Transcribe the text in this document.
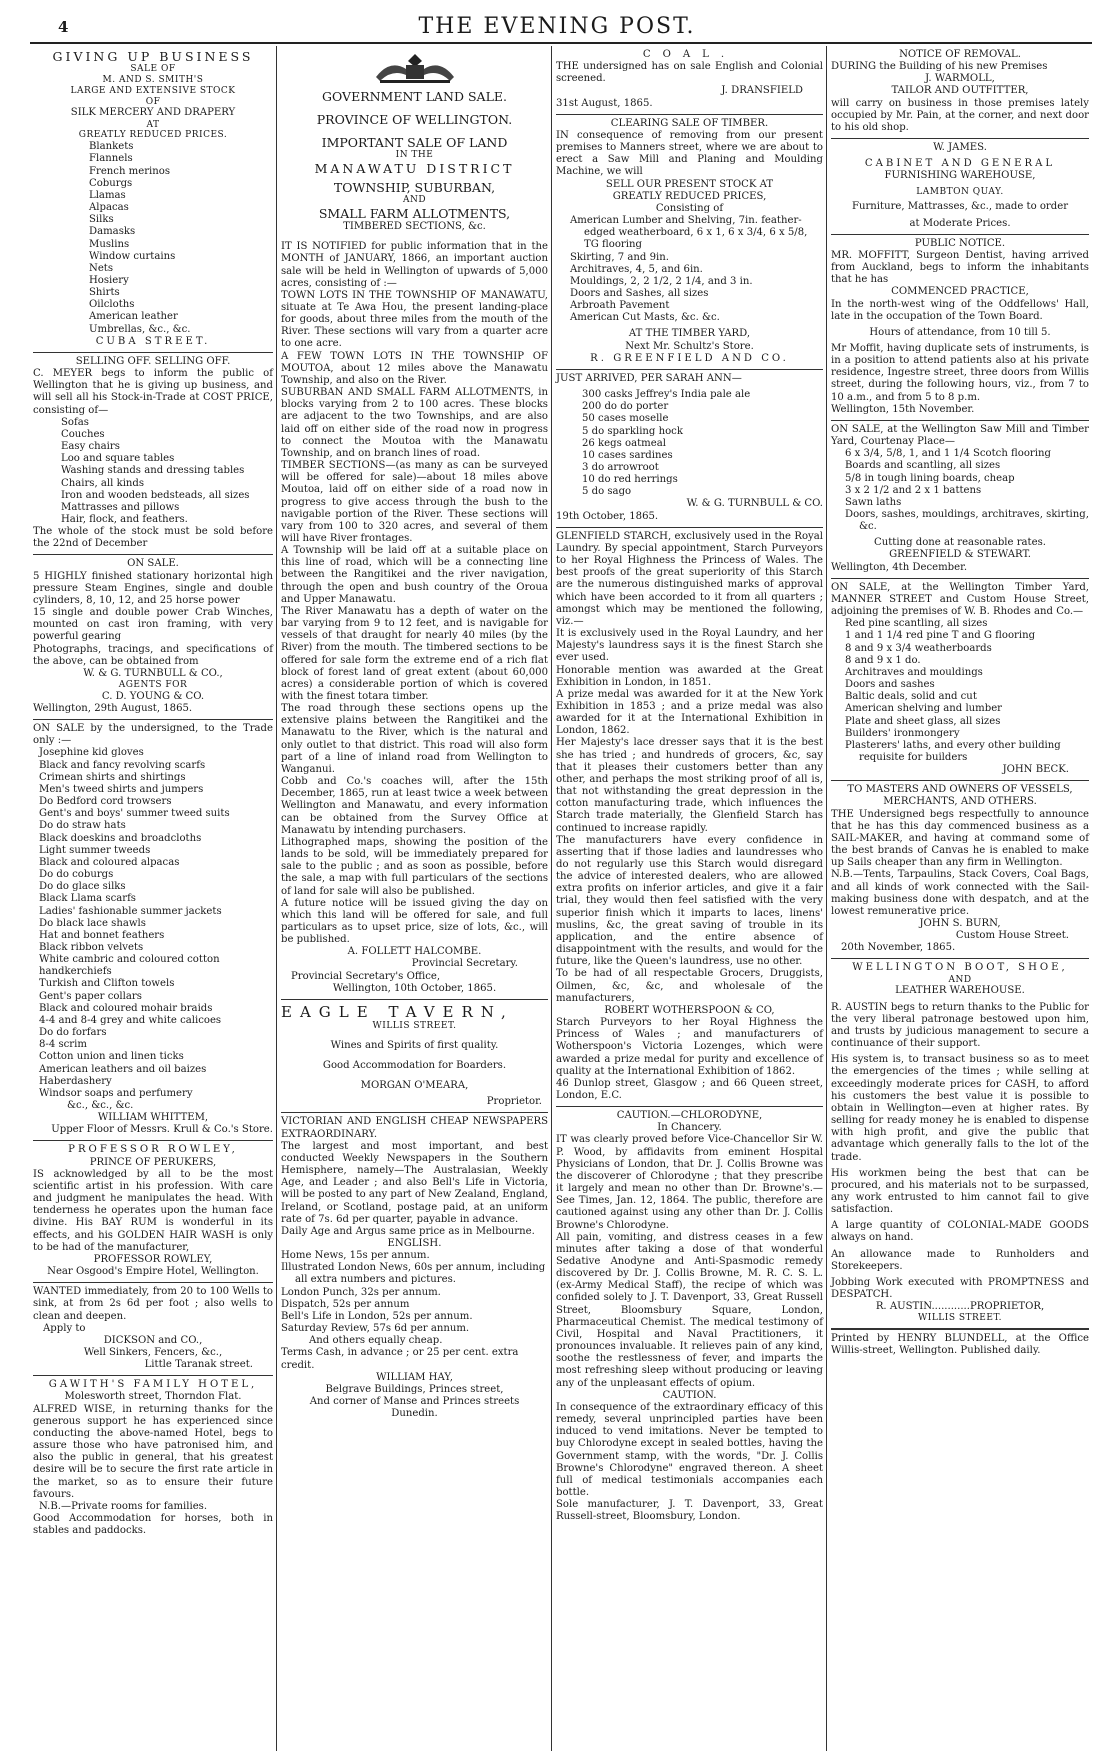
4	THE EVENING POST.

GIVING UP BUSINESS

SALE OF

M. AND S. SMITH'S

LARGE AND EXTENSIVE STOCK

OF

SILK MERCERY AND DRAPERY

AT

GREATLY REDUCED PRICES.

Blankets

Flannels

French merinos

Coburgs

Llamas

Alpacas

Silks

Damasks

Muslins

Window curtains

Nets

Hosiery

Shirts

Oilcloths

American leather

Umbrellas, &c., &c.

CUBA STREET.

SELLING OFF. SELLING OFF.

C. MEYER begs to inform the public of Wellington that he is giving up business, and will sell all his Stock-in-Trade at COST PRICE, consisting of—

Sofas

Couches

Easy chairs

Loo and square tables

Washing stands and dressing tables

Chairs, all kinds

Iron and wooden bedsteads, all sizes

Mattrasses and pillows

Hair, flock, and feathers.

The whole of the stock must be sold before the 22nd of December

ON SALE.

5 HIGHLY finished stationary horizontal high pressure Steam Engines, single and double cylinders, 8, 10, 12, and 25 horse power

15 single and double power Crab Winches, mounted on cast iron framing, with very powerful gearing

Photographs, tracings, and specifications of the above, can be obtained from

W. & G. TURNBULL & CO.,

AGENTS FOR

C. D. YOUNG & CO.

Wellington, 29th August, 1865.

ON SALE by the undersigned, to the Trade only :—

Josephine kid gloves

Black and fancy revolving scarfs

Crimean shirts and shirtings

Men's tweed shirts and jumpers

Do Bedford cord trowsers

Gent's and boys' summer tweed suits

Do do straw hats

Black doeskins and broadcloths

Light summer tweeds

Black and coloured alpacas

Do do coburgs

Do do glace silks

Black Llama scarfs

Ladies' fashionable summer jackets

Do black lace shawls

Hat and bonnet feathers

Black ribbon velvets

White cambric and coloured cotton handkerchiefs

Turkish and Clifton towels

Gent's paper collars

Black and coloured mohair braids

4-4 and 8-4 grey and white calicoes

Do do forfars

8-4 scrim

Cotton union and linen ticks

American leathers and oil baizes

Haberdashery

Windsor soaps and perfumery

&c., &c., &c.

WILLIAM WHITTEM,

Upper Floor of Messrs. Krull & Co.'s Store.

PROFESSOR ROWLEY,

PRINCE OF PERUKERS,

IS acknowledged by all to be the most scientific artist in his profession. With care and judgment he manipulates the head. With tenderness he operates upon the human face divine. His BAY RUM is wonderful in its effects, and his GOLDEN HAIR WASH is only to be had of the manufacturer,

PROFESSOR ROWLEY,

Near Osgood's Empire Hotel, Wellington.

WANTED immediately, from 20 to 100 Wells to sink, at from 2s 6d per foot ; also wells to clean and deepen.

Apply to

DICKSON and CO.,

Well Sinkers, Fencers, &c.,

Little Taranak street.

GAWITH'S FAMILY HOTEL,

Molesworth street, Thorndon Flat.

ALFRED WISE, in returning thanks for the generous support he has experienced since conducting the above-named Hotel, begs to assure those who have patronised him, and also the public in general, that his greatest desire will be to secure the first rate article in the market, so as to ensure their future favours.

N.B.—Private rooms for families.

Good Accommodation for horses, both in stables and paddocks.

GOVERNMENT LAND SALE.

PROVINCE OF WELLINGTON.

IMPORTANT SALE OF LAND

IN THE

MANAWATU DISTRICT

TOWNSHIP, SUBURBAN,

AND

SMALL FARM ALLOTMENTS,

TIMBERED SECTIONS, &c.

IT IS NOTIFIED for public information that in the MONTH of JANUARY, 1866, an important auction sale will be held in Wellington of upwards of 5,000 acres, consisting of :—

TOWN LOTS IN THE TOWNSHIP OF MANAWATU, situate at Te Awa Hou, the present landing-place for goods, about three miles from the mouth of the River. These sections will vary from a quarter acre to one acre.

A FEW TOWN LOTS IN THE TOWNSHIP OF MOUTOA, about 12 miles above the Manawatu Township, and also on the River.

SUBURBAN AND SMALL FARM ALLOTMENTS, in blocks varying from 2 to 100 acres. These blocks are adjacent to the two Townships, and are also laid off on either side of the road now in progress to connect the Moutoa with the Manawatu Township, and on branch lines of road.

TIMBER SECTIONS—(as many as can be surveyed will be offered for sale)—about 18 miles above Moutoa, laid off on either side of a road now in progress to give access through the bush to the navigable portion of the River. These sections will vary from 100 to 320 acres, and several of them will have River frontages.

A Township will be laid off at a suitable place on this line of road, which will be a connecting line between the Rangitikei and the river navigation, through the open and bush country of the Oroua and Upper Manawatu.

The River Manawatu has a depth of water on the bar varying from 9 to 12 feet, and is navigable for vessels of that draught for nearly 40 miles (by the River) from the mouth. The timbered sections to be offered for sale form the extreme end of a rich flat block of forest land of great extent (about 60,000 acres) a considerable portion of which is covered with the finest totara timber.

The road through these sections opens up the extensive plains between the Rangitikei and the Manawatu to the River, which is the natural and only outlet to that district. This road will also form part of a line of inland road from Wellington to Wanganui.

Cobb and Co.'s coaches will, after the 15th December, 1865, run at least twice a week between Wellington and Manawatu, and every information can be obtained from the Survey Office at Manawatu by intending purchasers.

Lithographed maps, showing the position of the lands to be sold, will be immediately prepared for sale to the public ; and as soon as possible, before the sale, a map with full particulars of the sections of land for sale will also be published.

A future notice will be issued giving the day on which this land will be offered for sale, and full particulars as to upset price, size of lots, &c., will be published.

A. FOLLETT HALCOMBE.

Provincial Secretary.

Provincial Secretary's Office,

Wellington, 10th October, 1865.

EAGLE TAVERN,

WILLIS STREET.

Wines and Spirits of first quality.

Good Accommodation for Boarders.

MORGAN O'MEARA,

Proprietor.

VICTORIAN AND ENGLISH CHEAP NEWSPAPERS EXTRAORDINARY.

The largest and most important, and best conducted Weekly Newspapers in the Southern Hemisphere, namely—The Australasian, Weekly Age, and Leader ; and also Bell's Life in Victoria, will be posted to any part of New Zealand, England, Ireland, or Scotland, postage paid, at an uniform rate of 7s. 6d per quarter, payable in advance.

Daily Age and Argus same price as in Melbourne.

ENGLISH.

Home News, 15s per annum.

Illustrated London News, 60s per annum, including all extra numbers and pictures.

London Punch, 32s per annum.

Dispatch, 52s per annum

Bell's Life in London, 52s per annum.

Saturday Review, 57s 6d per annum.

And others equally cheap.

Terms Cash, in advance ; or 25 per cent. extra credit.

WILLIAM HAY,

Belgrave Buildings, Princes street,

And corner of Manse and Princes streets

Dunedin.

COAL.

THE undersigned has on sale English and Colonial screened.

J. DRANSFIELD

31st August, 1865.

CLEARING SALE OF TIMBER.

IN consequence of removing from our present premises to Manners street, where we are about to erect a Saw Mill and Planing and Moulding Machine, we will

SELL OUR PRESENT STOCK AT

GREATLY REDUCED PRICES,

Consisting of

American Lumber and Shelving, 7in. feather-edged weatherboard, 6 x 1, 6 x 3/4, 6 x 5/8, TG flooring

Skirting, 7 and 9in.

Architraves, 4, 5, and 6in.

Mouldings, 2, 2 1/2, 2 1/4, and 3 in.

Doors and Sashes, all sizes

Arbroath Pavement

American Cut Masts, &c. &c.

AT THE TIMBER YARD,

Next Mr. Schultz's Store.

R. GREENFIELD AND CO.

JUST ARRIVED, PER SARAH ANN—

300 casks Jeffrey's India pale ale

200 do do porter

50 cases moselle

5 do sparkling hock

26 kegs oatmeal

10 cases sardines

3 do arrowroot

10 do red herrings

5 do sago

W. & G. TURNBULL & CO.

19th October, 1865.

GLENFIELD STARCH, exclusively used in the Royal Laundry. By special appointment, Starch Purveyors to her Royal Highness the Princess of Wales. The best proofs of the great superiority of this Starch are the numerous distinguished marks of approval which have been accorded to it from all quarters ; amongst which may be mentioned the following, viz.—

It is exclusively used in the Royal Laundry, and her Majesty's laundress says it is the finest Starch she ever used.

Honorable mention was awarded at the Great Exhibition in London, in 1851.

A prize medal was awarded for it at the New York Exhibition in 1853 ; and a prize medal was also awarded for it at the International Exhibition in London, 1862.

Her Majesty's lace dresser says that it is the best she has tried ; and hundreds of grocers, &c, say that it pleases their customers better than any other, and perhaps the most striking proof of all is, that not withstanding the great depression in the cotton manufacturing trade, which influences the Starch trade materially, the Glenfield Starch has continued to increase rapidly.

The manufacturers have every confidence in asserting that if those ladies and laundresses who do not regularly use this Starch would disregard the advice of interested dealers, who are allowed extra profits on inferior articles, and give it a fair trial, they would then feel satisfied with the very superior finish which it imparts to laces, linens' muslins, &c, the great saving of trouble in its application, and the entire absence of disappointment with the results, and would for the future, like the Queen's laundress, use no other.

To be had of all respectable Grocers, Druggists, Oilmen, &c, &c, and wholesale of the manufacturers,

ROBERT WOTHERSPOON & CO,

Starch Purveyors to her Royal Highness the Princess of Wales ; and manufacturers of Wotherspoon's Victoria Lozenges, which were awarded a prize medal for purity and excellence of quality at the International Exhibition of 1862.

46 Dunlop street, Glasgow ; and 66 Queen street, London, E.C.

CAUTION.—CHLORODYNE,

In Chancery.

IT was clearly proved before Vice-Chancellor Sir W. P. Wood, by affidavits from eminent Hospital Physicians of London, that Dr. J. Collis Browne was the discoverer of Chlorodyne ; that they prescribe it largely and mean no other than Dr. Browne's.—See Times, Jan. 12, 1864. The public, therefore are cautioned against using any other than Dr. J. Collis Browne's Chlorodyne.

All pain, vomiting, and distress ceases in a few minutes after taking a dose of that wonderful Sedative Anodyne and Anti-Spasmodic remedy discovered by Dr. J. Collis Browne, M. R. C. S. L. (ex-Army Medical Staff), the recipe of which was confided solely to J. T. Davenport, 33, Great Russell Street, Bloomsbury Square, London, Pharmaceutical Chemist. The medical testimony of Civil, Hospital and Naval Practitioners, it pronounces invaluable. It relieves pain of any kind, soothe the restlessness of fever, and imparts the most refreshing sleep without producing or leaving any of the unpleasant effects of opium.

CAUTION.

In consequence of the extraordinary efficacy of this remedy, several unprincipled parties have been induced to vend imitations. Never be tempted to buy Chlorodyne except in sealed bottles, having the Government stamp, with the words, "Dr. J. Collis Browne's Chlorodyne" engraved thereon. A sheet full of medical testimonials accompanies each bottle.

Sole manufacturer, J. T. Davenport, 33, Great Russell-street, Bloomsbury, London.

NOTICE OF REMOVAL.

DURING the Building of his new Premises

J. WARMOLL,

TAILOR AND OUTFITTER,

will carry on business in those premises lately occupied by Mr. Pain, at the corner, and next door to his old shop.

W. JAMES.

CABINET AND GENERAL

FURNISHING WAREHOUSE,

LAMBTON QUAY.

Furniture, Mattrasses, &c., made to order

at Moderate Prices.

PUBLIC NOTICE.

MR. MOFFITT, Surgeon Dentist, having arrived from Auckland, begs to inform the inhabitants that he has

COMMENCED PRACTICE,

In the north-west wing of the Oddfellows' Hall, late in the occupation of the Town Board.

Hours of attendance, from 10 till 5.

Mr Moffit, having duplicate sets of instruments, is in a position to attend patients also at his private residence, Ingestre street, three doors from Willis street, during the following hours, viz., from 7 to 10 a.m., and from 5 to 8 p.m.

Wellington, 15th November.

ON SALE, at the Wellington Saw Mill and Timber Yard, Courtenay Place—

6 x 3/4, 5/8, 1, and 1 1/4 Scotch flooring

Boards and scantling, all sizes

5/8 in tough lining boards, cheap

3 x 2 1/2 and 2 x 1 battens

Sawn laths

Doors, sashes, mouldings, architraves, skirting, &c.

Cutting done at reasonable rates.

GREENFIELD & STEWART.

Wellington, 4th December.

ON SALE, at the Wellington Timber Yard, MANNER STREET and Custom House Street, adjoining the premises of W. B. Rhodes and Co.—

Red pine scantling, all sizes

1 and 1 1/4 red pine T and G flooring

8 and 9 x 3/4 weatherboards

8 and 9 x 1 do.

Architraves and mouldings

Doors and sashes

Baltic deals, solid and cut

American shelving and lumber

Plate and sheet glass, all sizes

Builders' ironmongery

Plasterers' laths, and every other building requisite for builders

JOHN BECK.

TO MASTERS AND OWNERS OF VESSELS, MERCHANTS, AND OTHERS.

THE Undersigned begs respectfully to announce that he has this day commenced business as a SAIL-MAKER, and having at command some of the best brands of Canvas he is enabled to make up Sails cheaper than any firm in Wellington.

N.B.—Tents, Tarpaulins, Stack Covers, Coal Bags, and all kinds of work connected with the Sail-making business done with despatch, and at the lowest remunerative price.

JOHN S. BURN,

Custom House Street.

20th November, 1865.

WELLINGTON BOOT, SHOE,

AND

LEATHER WAREHOUSE.

R. AUSTIN begs to return thanks to the Public for the very liberal patronage bestowed upon him, and trusts by judicious management to secure a continuance of their support.

His system is, to transact business so as to meet the emergencies of the times ; while selling at exceedingly moderate prices for CASH, to afford his customers the best value it is possible to obtain in Wellington—even at higher rates. By selling for ready money he is enabled to dispense with high profit, and give the public that advantage which generally falls to the lot of the trade.

His workmen being the best that can be procured, and his materials not to be surpassed, any work entrusted to him cannot fail to give satisfaction.

A large quantity of COLONIAL-MADE GOODS always on hand.

An allowance made to Runholders and Storekeepers.

Jobbing Work executed with PROMPTNESS and DESPATCH.

R. AUSTIN............PROPRIETOR,

WILLIS STREET.

Printed by HENRY BLUNDELL, at the Office Willis-street, Wellington. Published daily.
